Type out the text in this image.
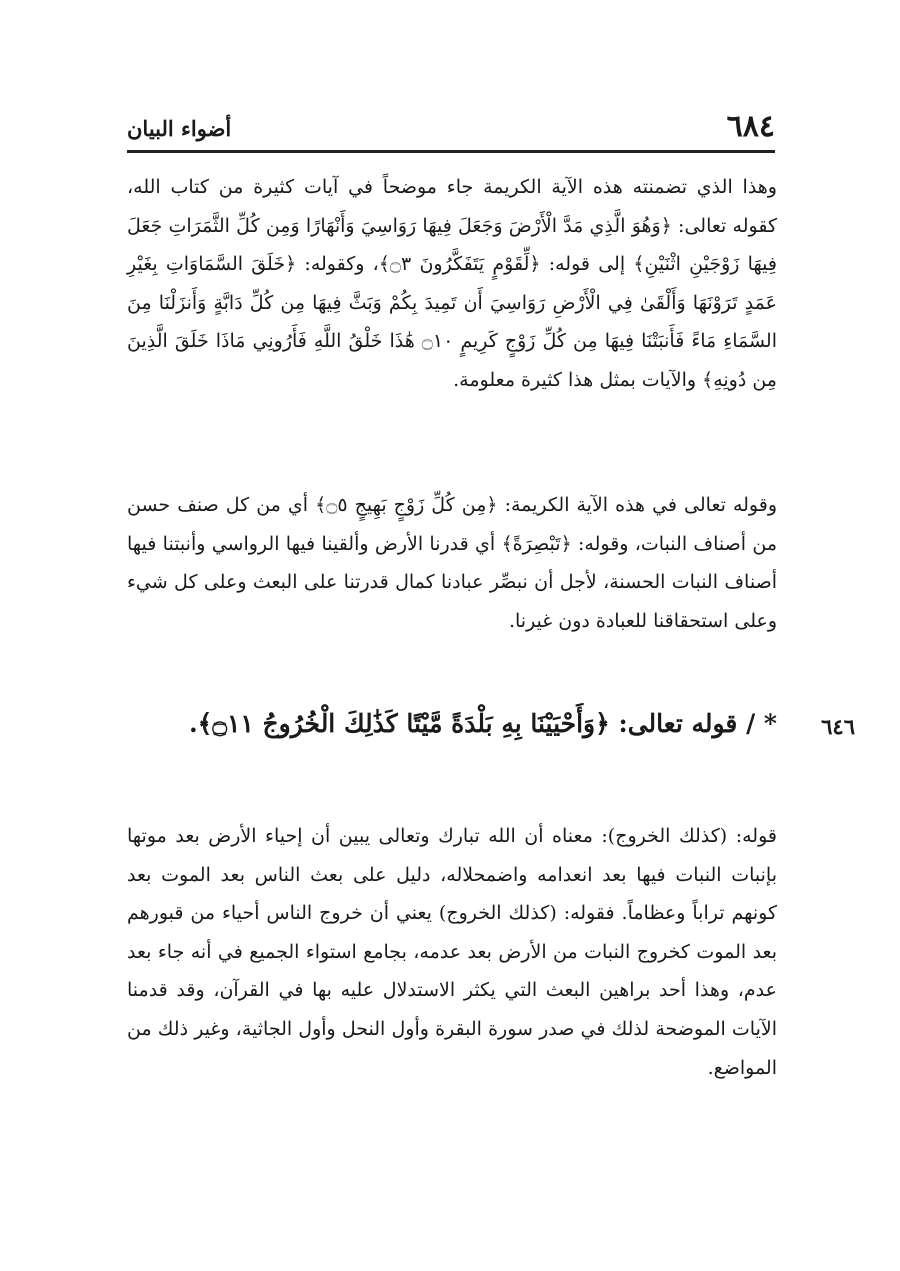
٦٨٤
أضواء البيان

وهذا الذي تضمنته هذه الآية الكريمة جاء موضحاً في آيات كثيرة من كتاب الله، كقوله تعالى: ﴿وَهُوَ الَّذِي مَدَّ الْأَرْضَ وَجَعَلَ فِيهَا رَوَاسِيَ وَأَنْهَارًا وَمِن كُلِّ الثَّمَرَاتِ جَعَلَ فِيهَا زَوْجَيْنِ اثْنَيْنِ﴾ إلى قوله: ﴿لِّقَوْمٍ يَتَفَكَّرُونَ ۝٣﴾، وكقوله: ﴿خَلَقَ السَّمَاوَاتِ بِغَيْرِ عَمَدٍ تَرَوْنَهَا وَأَلْقَىٰ فِي الْأَرْضِ رَوَاسِيَ أَن تَمِيدَ بِكُمْ وَبَثَّ فِيهَا مِن كُلِّ دَابَّةٍ وَأَنزَلْنَا مِنَ السَّمَاءِ مَاءً فَأَنبَتْنَا فِيهَا مِن كُلِّ زَوْجٍ كَرِيمٍ ۝١٠ هَٰذَا خَلْقُ اللَّهِ فَأَرُونِي مَاذَا خَلَقَ الَّذِينَ مِن دُونِهِ﴾ والآيات بمثل هذا كثيرة معلومة.

وقوله تعالى في هذه الآية الكريمة: ﴿مِن كُلِّ زَوْجٍ بَهِيجٍ ۝٥﴾ أي من كل صنف حسن من أصناف النبات، وقوله: ﴿تَبْصِرَةً﴾ أي قدرنا الأرض وألقينا فيها الرواسي وأنبتنا فيها أصناف النبات الحسنة، لأجل أن نبصِّر عبادنا كمال قدرتنا على البعث وعلى كل شيء وعلى استحقاقنا للعبادة دون غيرنا.

٦٤٦
* / قوله تعالى: ﴿وَأَحْيَيْنَا بِهِ بَلْدَةً مَّيْتًا كَذَٰلِكَ الْخُرُوجُ ۝١١﴾.

قوله: (كذلك الخروج): معناه أن الله تبارك وتعالى يبين أن إحياء الأرض بعد موتها بإنبات النبات فيها بعد انعدامه واضمحلاله، دليل على بعث الناس بعد الموت بعد كونهم تراباً وعظاماً. فقوله: (كذلك الخروج) يعني أن خروج الناس أحياء من قبورهم بعد الموت كخروج النبات من الأرض بعد عدمه، بجامع استواء الجميع في أنه جاء بعد عدم، وهذا أحد براهين البعث التي يكثر الاستدلال عليه بها في القرآن، وقد قدمنا الآيات الموضحة لذلك في صدر سورة البقرة وأول النحل وأول الجاثية، وغير ذلك من المواضع.
